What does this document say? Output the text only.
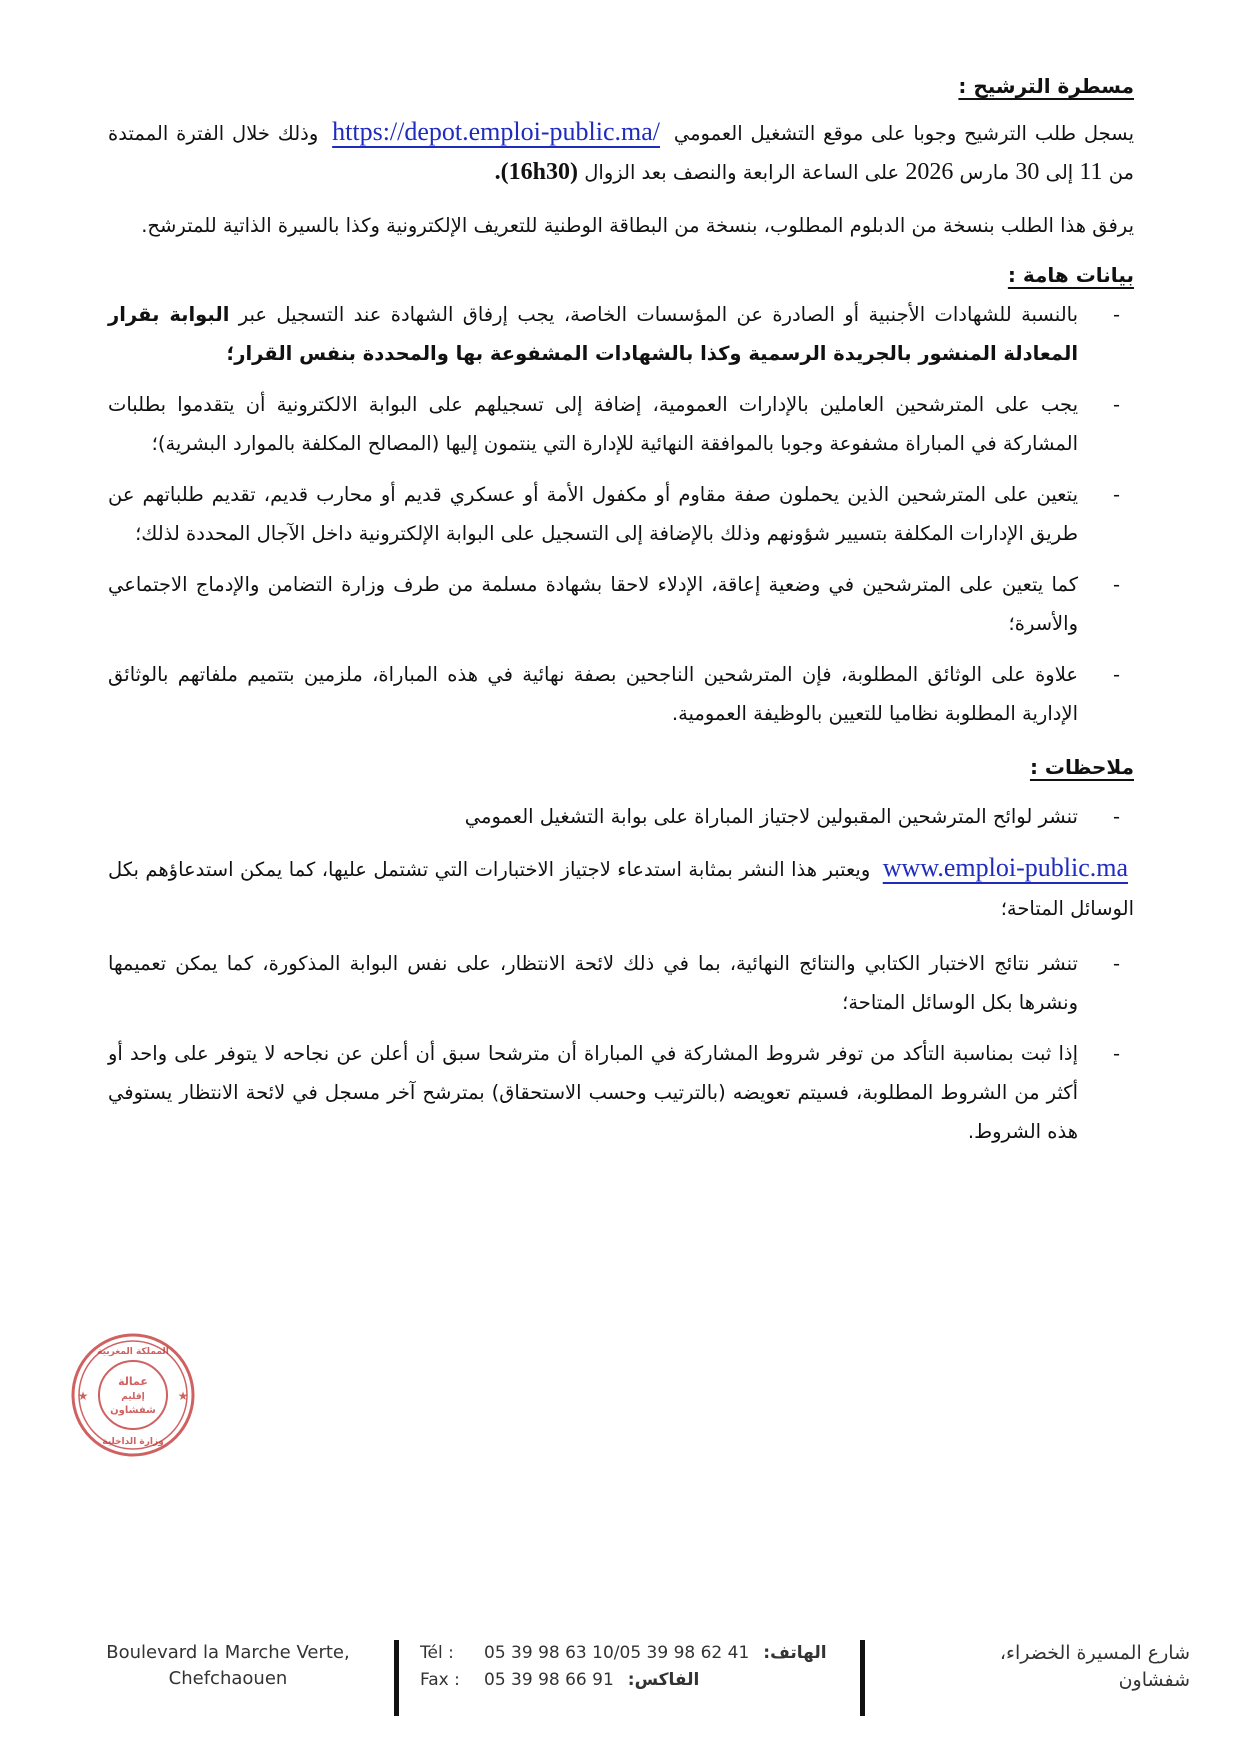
مسطرة الترشيح :

يسجل طلب الترشيح وجوبا على موقع التشغيل العمومي https://depot.emploi-public.ma/ وذلك خلال الفترة الممتدة من 11 إلى 30 مارس 2026 على الساعة الرابعة والنصف بعد الزوال (16h30).

يرفق هذا الطلب بنسخة من الدبلوم المطلوب، بنسخة من البطاقة الوطنية للتعريف الإلكترونية وكذا بالسيرة الذاتية للمترشح.

بيانات هامة :

-
بالنسبة للشهادات الأجنبية أو الصادرة عن المؤسسات الخاصة، يجب إرفاق الشهادة عند التسجيل عبر البوابة بقرار المعادلة المنشور بالجريدة الرسمية وكذا بالشهادات المشفوعة بها والمحددة بنفس القرار؛
-
يجب على المترشحين العاملين بالإدارات العمومية، إضافة إلى تسجيلهم على البوابة الالكترونية أن يتقدموا بطلبات المشاركة في المباراة مشفوعة وجوبا بالموافقة النهائية للإدارة التي ينتمون إليها (المصالح المكلفة بالموارد البشرية)؛
-
يتعين على المترشحين الذين يحملون صفة مقاوم أو مكفول الأمة أو عسكري قديم أو محارب قديم، تقديم طلباتهم عن طريق الإدارات المكلفة بتسيير شؤونهم وذلك بالإضافة إلى التسجيل على البوابة الإلكترونية داخل الآجال المحددة لذلك؛
-
كما يتعين على المترشحين في وضعية إعاقة، الإدلاء لاحقا بشهادة مسلمة من طرف وزارة التضامن والإدماج الاجتماعي والأسرة؛
-
علاوة على الوثائق المطلوبة، فإن المترشحين الناجحين بصفة نهائية في هذه المباراة، ملزمين بتتميم ملفاتهم بالوثائق الإدارية المطلوبة نظاميا للتعيين بالوظيفة العمومية.

ملاحظات :

-
تنشر لوائح المترشحين المقبولين لاجتياز المباراة على بوابة التشغيل العمومي

www.emploi-public.ma ويعتبر هذا النشر بمثابة استدعاء لاجتياز الاختبارات التي تشتمل عليها، كما يمكن استدعاؤهم بكل الوسائل المتاحة؛

-
تنشر نتائج الاختبار الكتابي والنتائج النهائية، بما في ذلك لائحة الانتظار، على نفس البوابة المذكورة، كما يمكن تعميمها ونشرها بكل الوسائل المتاحة؛
-
إذا ثبت بمناسبة التأكد من توفر شروط المشاركة في المباراة أن مترشحا سبق أن أعلن عن نجاحه لا يتوفر على واحد أو أكثر من الشروط المطلوبة، فسيتم تعويضه (بالترتيب وحسب الاستحقاق) بمترشح آخر مسجل في لائحة الانتظار يستوفي هذه الشروط.
عمالة
إقليم
شفشاون
المملكة المغربية
وزارة الداخلية
★	★
Boulevard la Marche Verte,
Chefchaouen
Tél :	05 39 98 63 10/05 39 98 62 41 الهاتف:
Fax :	05 39 98 66 91 الفاكس:
شارع المسيرة الخضراء،
شفشاون
